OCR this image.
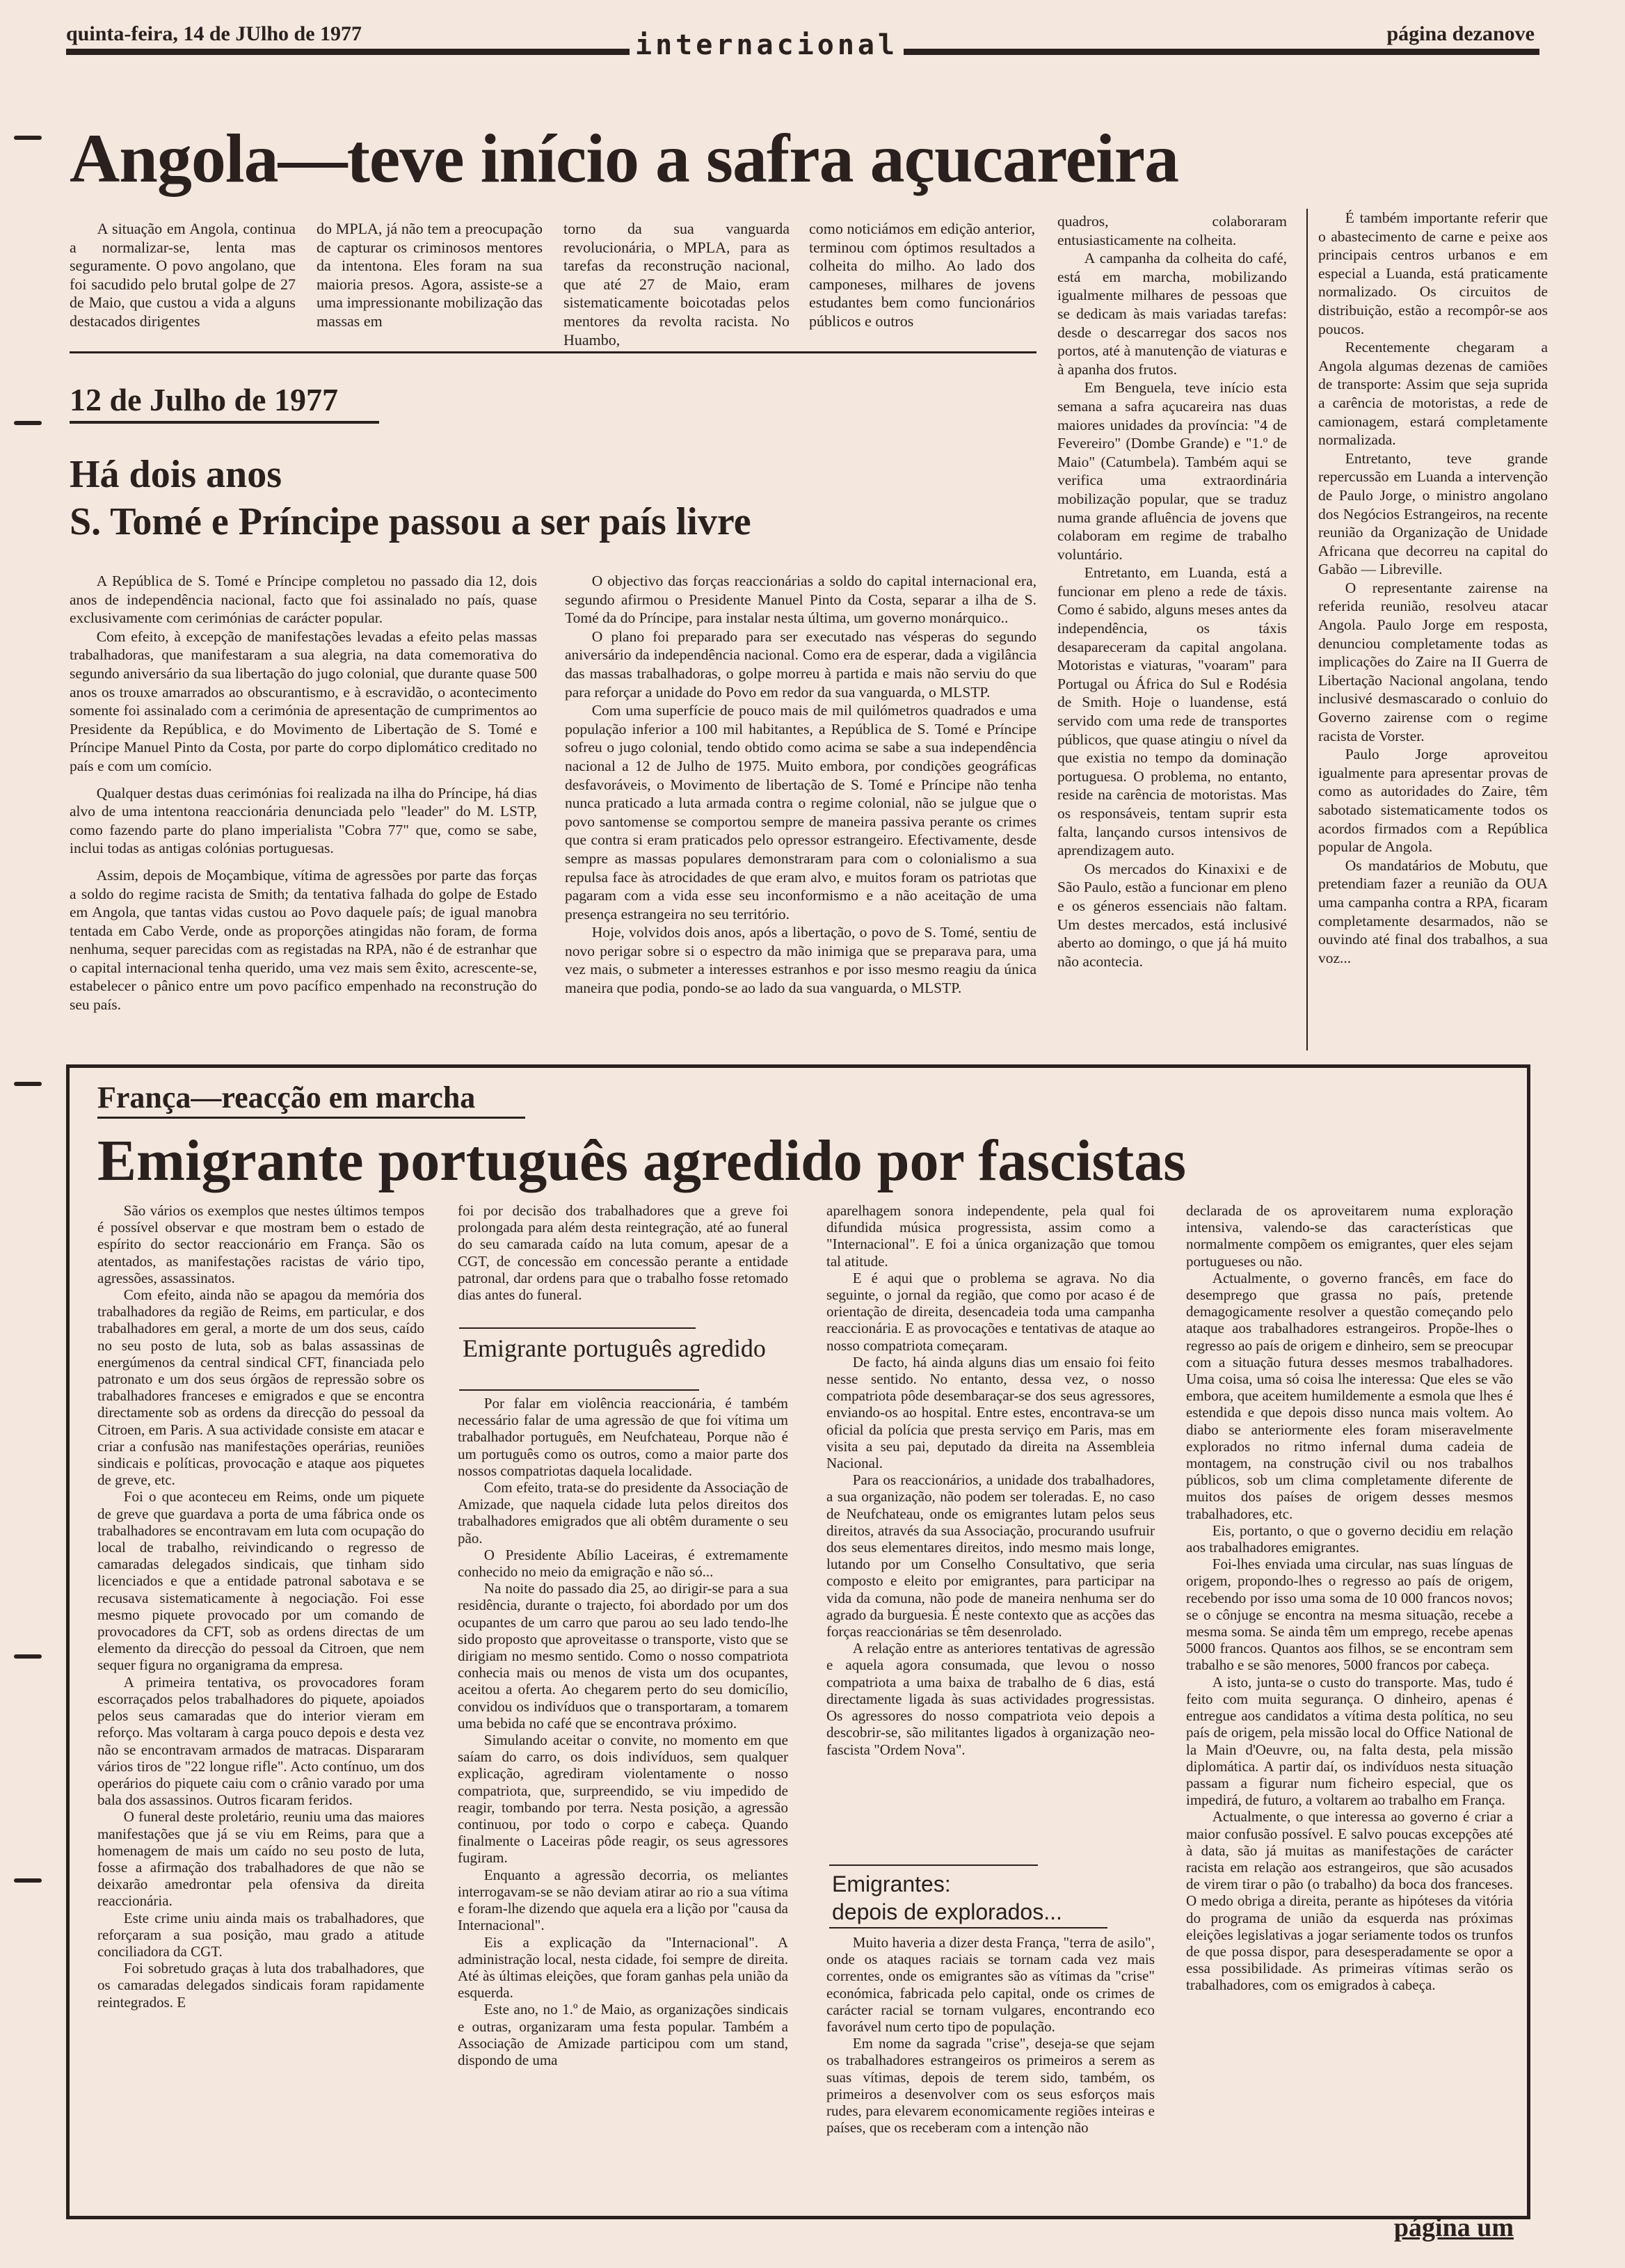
quinta-feira, 14 de JUlho de 1977	internacional	página dezanove
Angola—teve início a safra açucareira

A situação em Angola, continua a normalizar-se, lenta mas seguramente. O povo angolano, que foi sacudido pelo brutal golpe de 27 de Maio, que custou a vida a alguns destacados dirigentes

do MPLA, já não tem a preocupação de capturar os criminosos mentores da intentona. Eles foram na sua maioria presos. Agora, assiste-se a uma impressionante mobilização das massas em

torno da sua vanguarda revolucionária, o MPLA, para as tarefas da reconstrução nacional, que até 27 de Maio, eram sistematicamente boicotadas pelos mentores da revolta racista. No Huambo,

como noticiámos em edição anterior, terminou com óptimos resultados a colheita do milho. Ao lado dos camponeses, milhares de jovens estudantes bem como funcionários públicos e outros

quadros, colaboraram entusiasticamente na colheita.

A campanha da colheita do café, está em marcha, mobilizando igualmente milhares de pessoas que se dedicam às mais variadas tarefas: desde o descarregar dos sacos nos portos, até à manutenção de viaturas e à apanha dos frutos.

Em Benguela, teve início esta semana a safra açucareira nas duas maiores unidades da província: "4 de Fevereiro" (Dombe Grande) e "1.º de Maio" (Catumbela). Também aqui se verifica uma extraordinária mobilização popular, que se traduz numa grande afluência de jovens que colaboram em regime de trabalho voluntário.

Entretanto, em Luanda, está a funcionar em pleno a rede de táxis. Como é sabido, alguns meses antes da independência, os táxis desapareceram da capital angolana. Motoristas e viaturas, "voaram" para Portugal ou África do Sul e Rodésia de Smith. Hoje o luandense, está servido com uma rede de transportes públicos, que quase atingiu o nível da que existia no tempo da dominação portuguesa. O problema, no entanto, reside na carência de motoristas. Mas os responsáveis, tentam suprir esta falta, lançando cursos intensivos de aprendizagem auto.

Os mercados do Kinaxixi e de São Paulo, estão a funcionar em pleno e os géneros essenciais não faltam. Um destes mercados, está inclusivé aberto ao domingo, o que já há muito não acontecia.

É também importante referir que o abastecimento de carne e peixe aos principais centros urbanos e em especial a Luanda, está praticamente normalizado. Os circuitos de distribuição, estão a recompôr-se aos poucos.

Recentemente chegaram a Angola algumas dezenas de camiões de transporte: Assim que seja suprida a carência de motoristas, a rede de camionagem, estará completamente normalizada.

Entretanto, teve grande repercussão em Luanda a intervenção de Paulo Jorge, o ministro angolano dos Negócios Estrangeiros, na recente reunião da Organização de Unidade Africana que decorreu na capital do Gabão — Libreville.

O representante zairense na referida reunião, resolveu atacar Angola. Paulo Jorge em resposta, denunciou completamente todas as implicações do Zaire na II Guerra de Libertação Nacional angolana, tendo inclusivé desmascarado o conluio do Governo zairense com o regime racista de Vorster.

Paulo Jorge aproveitou igualmente para apresentar provas de como as autoridades do Zaire, têm sabotado sistematicamente todos os acordos firmados com a República popular de Angola.

Os mandatários de Mobutu, que pretendiam fazer a reunião da OUA uma campanha contra a RPA, ficaram completamente desarmados, não se ouvindo até final dos trabalhos, a sua voz...

12 de Julho de 1977
Há dois anos
S. Tomé e Príncipe passou a ser país livre

A República de S. Tomé e Príncipe completou no passado dia 12, dois anos de independência nacional, facto que foi assinalado no país, quase exclusivamente com cerimónias de carácter popular.

Com efeito, à excepção de manifestações levadas a efeito pelas massas trabalhadoras, que manifestaram a sua alegria, na data comemorativa do segundo aniversário da sua libertação do jugo colonial, que durante quase 500 anos os trouxe amarrados ao obscurantismo, e à escravidão, o acontecimento somente foi assinalado com a cerimónia de apresentação de cumprimentos ao Presidente da República, e do Movimento de Libertação de S. Tomé e Príncipe Manuel Pinto da Costa, por parte do corpo diplomático creditado no país e com um comício.

Qualquer destas duas cerimónias foi realizada na ilha do Príncipe, há dias alvo de uma intentona reaccionária denunciada pelo "leader" do M. LSTP, como fazendo parte do plano imperialista "Cobra 77" que, como se sabe, inclui todas as antigas colónias portuguesas.

Assim, depois de Moçambique, vítima de agressões por parte das forças a soldo do regime racista de Smith; da tentativa falhada do golpe de Estado em Angola, que tantas vidas custou ao Povo daquele país; de igual manobra tentada em Cabo Verde, onde as proporções atingidas não foram, de forma nenhuma, sequer parecidas com as registadas na RPA, não é de estranhar que o capital internacional tenha querido, uma vez mais sem êxito, acrescente-se, estabelecer o pânico entre um povo pacífico empenhado na reconstrução do seu país.

O objectivo das forças reaccionárias a soldo do capital internacional era, segundo afirmou o Presidente Manuel Pinto da Costa, separar a ilha de S. Tomé da do Príncipe, para instalar nesta última, um governo monárquico..

O plano foi preparado para ser executado nas vésperas do segundo aniversário da independência nacional. Como era de esperar, dada a vigilância das massas trabalhadoras, o golpe morreu à partida e mais não serviu do que para reforçar a unidade do Povo em redor da sua vanguarda, o MLSTP.

Com uma superfície de pouco mais de mil quilómetros quadrados e uma população inferior a 100 mil habitantes, a República de S. Tomé e Príncipe sofreu o jugo colonial, tendo obtido como acima se sabe a sua independência nacional a 12 de Julho de 1975. Muito embora, por condições geográficas desfavoráveis, o Movimento de libertação de S. Tomé e Príncipe não tenha nunca praticado a luta armada contra o regime colonial, não se julgue que o povo santomense se comportou sempre de maneira passiva perante os crimes que contra si eram praticados pelo opressor estrangeiro. Efectivamente, desde sempre as massas populares demonstraram para com o colonialismo a sua repulsa face às atrocidades de que eram alvo, e muitos foram os patriotas que pagaram com a vida esse seu inconformismo e a não aceitação de uma presença estrangeira no seu território.

Hoje, volvidos dois anos, após a libertação, o povo de S. Tomé, sentiu de novo perigar sobre si o espectro da mão inimiga que se preparava para, uma vez mais, o submeter a interesses estranhos e por isso mesmo reagiu da única maneira que podia, pondo-se ao lado da sua vanguarda, o MLSTP.

França—reacção em marcha
Emigrante português agredido por fascistas

São vários os exemplos que nestes últimos tempos é possível observar e que mostram bem o estado de espírito do sector reaccionário em França. São os atentados, as manifestações racistas de vário tipo, agressões, assassinatos.

Com efeito, ainda não se apagou da memória dos trabalhadores da região de Reims, em particular, e dos trabalhadores em geral, a morte de um dos seus, caído no seu posto de luta, sob as balas assassinas de energúmenos da central sindical CFT, financiada pelo patronato e um dos seus órgãos de repressão sobre os trabalhadores franceses e emigrados e que se encontra directamente sob as ordens da direcção do pessoal da Citroen, em Paris. A sua actividade consiste em atacar e criar a confusão nas manifestações operárias, reuniões sindicais e políticas, provocação e ataque aos piquetes de greve, etc.

Foi o que aconteceu em Reims, onde um piquete de greve que guardava a porta de uma fábrica onde os trabalhadores se encontravam em luta com ocupação do local de trabalho, reivindicando o regresso de camaradas delegados sindicais, que tinham sido licenciados e que a entidade patronal sabotava e se recusava sistematicamente à negociação. Foi esse mesmo piquete provocado por um comando de provocadores da CFT, sob as ordens directas de um elemento da direcção do pessoal da Citroen, que nem sequer figura no organigrama da empresa.

A primeira tentativa, os provocadores foram escorraçados pelos trabalhadores do piquete, apoiados pelos seus camaradas que do interior vieram em reforço. Mas voltaram à carga pouco depois e desta vez não se encontravam armados de matracas. Dispararam vários tiros de "22 longue rifle". Acto contínuo, um dos operários do piquete caiu com o crânio varado por uma bala dos assassinos. Outros ficaram feridos.

O funeral deste proletário, reuniu uma das maiores manifestações que já se viu em Reims, para que a homenagem de mais um caído no seu posto de luta, fosse a afirmação dos trabalhadores de que não se deixarão amedrontar pela ofensiva da direita reaccionária.

Este crime uniu ainda mais os trabalhadores, que reforçaram a sua posição, mau grado a atitude conciliadora da CGT.

Foi sobretudo graças à luta dos trabalhadores, que os camaradas delegados sindicais foram rapidamente reintegrados. E

foi por decisão dos trabalhadores que a greve foi prolongada para além desta reintegração, até ao funeral do seu camarada caído na luta comum, apesar de a CGT, de concessão em concessão perante a entidade patronal, dar ordens para que o trabalho fosse retomado dias antes do funeral.

Emigrante português agredido

Por falar em violência reaccionária, é também necessário falar de uma agressão de que foi vítima um trabalhador português, em Neufchateau, Porque não é um português como os outros, como a maior parte dos nossos compatriotas daquela localidade.

Com efeito, trata-se do presidente da Associação de Amizade, que naquela cidade luta pelos direitos dos trabalhadores emigrados que ali obtêm duramente o seu pão.

O Presidente Abílio Laceiras, é extremamente conhecido no meio da emigração e não só...

Na noite do passado dia 25, ao dirigir-se para a sua residência, durante o trajecto, foi abordado por um dos ocupantes de um carro que parou ao seu lado tendo-lhe sido proposto que aproveitasse o transporte, visto que se dirigiam no mesmo sentido. Como o nosso compatriota conhecia mais ou menos de vista um dos ocupantes, aceitou a oferta. Ao chegarem perto do seu domicílio, convidou os indivíduos que o transportaram, a tomarem uma bebida no café que se encontrava próximo.

Simulando aceitar o convite, no momento em que saíam do carro, os dois indivíduos, sem qualquer explicação, agrediram violentamente o nosso compatriota, que, surpreendido, se viu impedido de reagir, tombando por terra. Nesta posição, a agressão continuou, por todo o corpo e cabeça. Quando finalmente o Laceiras pôde reagir, os seus agressores fugiram.

Enquanto a agressão decorria, os meliantes interrogavam-se se não deviam atirar ao rio a sua vítima e foram-lhe dizendo que aquela era a lição por "causa da Internacional".

Eis a explicação da "Internacional". A administração local, nesta cidade, foi sempre de direita. Até às últimas eleições, que foram ganhas pela união da esquerda.

Este ano, no 1.º de Maio, as organizações sindicais e outras, organizaram uma festa popular. Também a Associação de Amizade participou com um stand, dispondo de uma

aparelhagem sonora independente, pela qual foi difundida música progressista, assim como a "Internacional". E foi a única organização que tomou tal atitude.

E é aqui que o problema se agrava. No dia seguinte, o jornal da região, que como por acaso é de orientação de direita, desencadeia toda uma campanha reaccionária. E as provocações e tentativas de ataque ao nosso compatriota começaram.

De facto, há ainda alguns dias um ensaio foi feito nesse sentido. No entanto, dessa vez, o nosso compatriota pôde desembaraçar-se dos seus agressores, enviando-os ao hospital. Entre estes, encontrava-se um oficial da polícia que presta serviço em Paris, mas em visita a seu pai, deputado da direita na Assembleia Nacional.

Para os reaccionários, a unidade dos trabalhadores, a sua organização, não podem ser toleradas. E, no caso de Neufchateau, onde os emigrantes lutam pelos seus direitos, através da sua Associação, procurando usufruir dos seus elementares direitos, indo mesmo mais longe, lutando por um Conselho Consultativo, que seria composto e eleito por emigrantes, para participar na vida da comuna, não pode de maneira nenhuma ser do agrado da burguesia. É neste contexto que as acções das forças reaccionárias se têm desenrolado.

A relação entre as anteriores tentativas de agressão e aquela agora consumada, que levou o nosso compatriota a uma baixa de trabalho de 6 dias, está directamente ligada às suas actividades progressistas. Os agressores do nosso compatriota veio depois a descobrir-se, são militantes ligados à organização neo-fascista "Ordem Nova".

Emigrantes:
depois de explorados...

Muito haveria a dizer desta França, "terra de asilo", onde os ataques raciais se tornam cada vez mais correntes, onde os emigrantes são as vítimas da "crise" económica, fabricada pelo capital, onde os crimes de carácter racial se tornam vulgares, encontrando eco favorável num certo tipo de população.

Em nome da sagrada "crise", deseja-se que sejam os trabalhadores estrangeiros os primeiros a serem as suas vítimas, depois de terem sido, também, os primeiros a desenvolver com os seus esforços mais rudes, para elevarem economicamente regiões inteiras e países, que os receberam com a intenção não

declarada de os aproveitarem numa exploração intensiva, valendo-se das características que normalmente compõem os emigrantes, quer eles sejam portugueses ou não.

Actualmente, o governo francês, em face do desemprego que grassa no país, pretende demagogicamente resolver a questão começando pelo ataque aos trabalhadores estrangeiros. Propõe-lhes o regresso ao país de origem e dinheiro, sem se preocupar com a situação futura desses mesmos trabalhadores. Uma coisa, uma só coisa lhe interessa: Que eles se vão embora, que aceitem humildemente a esmola que lhes é estendida e que depois disso nunca mais voltem. Ao diabo se anteriormente eles foram miseravelmente explorados no ritmo infernal duma cadeia de montagem, na construção civil ou nos trabalhos públicos, sob um clima completamente diferente de muitos dos países de origem desses mesmos trabalhadores, etc.

Eis, portanto, o que o governo decidiu em relação aos trabalhadores emigrantes.

Foi-lhes enviada uma circular, nas suas línguas de origem, propondo-lhes o regresso ao país de origem, recebendo por isso uma soma de 10 000 francos novos; se o cônjuge se encontra na mesma situação, recebe a mesma soma. Se ainda têm um emprego, recebe apenas 5000 francos. Quantos aos filhos, se se encontram sem trabalho e se são menores, 5000 francos por cabeça.

A isto, junta-se o custo do transporte. Mas, tudo é feito com muita segurança. O dinheiro, apenas é entregue aos candidatos a vítima desta política, no seu país de origem, pela missão local do Office National de la Main d'Oeuvre, ou, na falta desta, pela missão diplomática. A partir daí, os indivíduos nesta situação passam a figurar num ficheiro especial, que os impedirá, de futuro, a voltarem ao trabalho em França.

Actualmente, o que interessa ao governo é criar a maior confusão possível. E salvo poucas excepções até à data, são já muitas as manifestações de carácter racista em relação aos estrangeiros, que são acusados de virem tirar o pão (o trabalho) da boca dos franceses. O medo obriga a direita, perante as hipóteses da vitória do programa de união da esquerda nas próximas eleições legislativas a jogar seriamente todos os trunfos de que possa dispor, para desesperadamente se opor a essa possibilidade. As primeiras vítimas serão os trabalhadores, com os emigrados à cabeça.

página um
